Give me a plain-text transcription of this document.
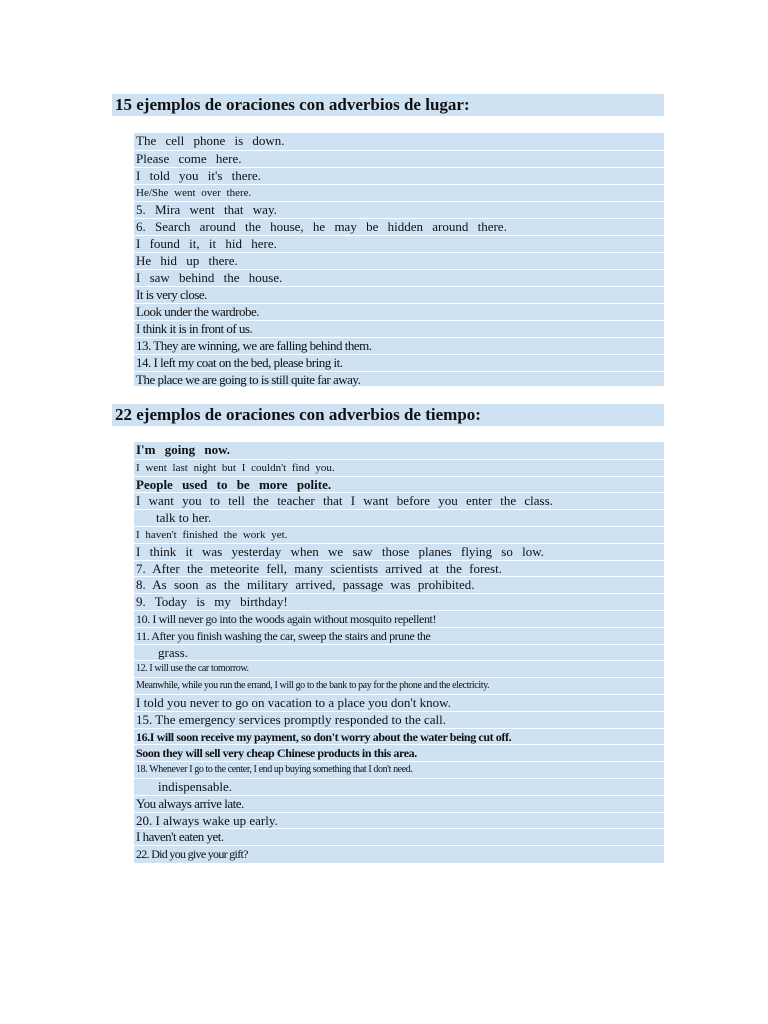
15 ejemplos de oraciones con adverbios de lugar:
The cell phone is down.
Please come here.
I told you it's there.
He/She went over there.
5. Mira went that way.
6. Search around the house, he may be hidden around there.
I found it, it hid here.
He hid up there.
I saw behind the house.
It is very close.
Look under the wardrobe.
I think it is in front of us.
13. They are winning, we are falling behind them.
14. I left my coat on the bed, please bring it.
The place we are going to is still quite far away.
22 ejemplos de oraciones con adverbios de tiempo:
I'm going now.
I went last night but I couldn't find you.
People used to be more polite.
I want you to tell the teacher that I want before you enter the class.
talk to her.
I haven't finished the work yet.
I think it was yesterday when we saw those planes flying so low.
7. After the meteorite fell, many scientists arrived at the forest.
8. As soon as the military arrived, passage was prohibited.
9. Today is my birthday!
10. I will never go into the woods again without mosquito repellent!
11. After you finish washing the car, sweep the stairs and prune the
grass.
12. I will use the car tomorrow.
Meanwhile, while you run the errand, I will go to the bank to pay for the phone and the electricity.
I told you never to go on vacation to a place you don't know.
15. The emergency services promptly responded to the call.
16.I will soon receive my payment, so don't worry about the water being cut off.
Soon they will sell very cheap Chinese products in this area.
18. Whenever I go to the center, I end up buying something that I don't need.
indispensable.
You always arrive late.
20. I always wake up early.
I haven't eaten yet.
22. Did you give your gift?
